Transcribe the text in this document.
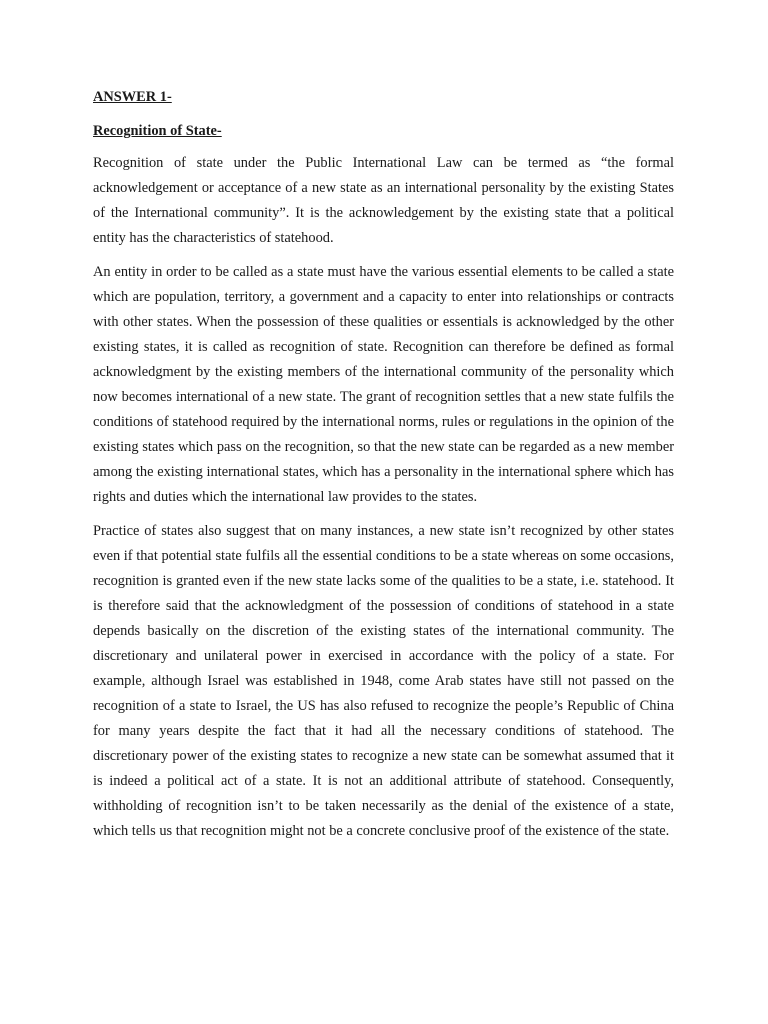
ANSWER 1-

Recognition of State-

Recognition of state under the Public International Law can be termed as “the formal acknowledgement or acceptance of a new state as an international personality by the existing States of the International community”. It is the acknowledgement by the existing state that a political entity has the characteristics of statehood.

An entity in order to be called as a state must have the various essential elements to be called a state which are population, territory, a government and a capacity to enter into relationships or contracts with other states. When the possession of these qualities or essentials is acknowledged by the other existing states, it is called as recognition of state. Recognition can therefore be defined as formal acknowledgment by the existing members of the international community of the personality which now becomes international of a new state. The grant of recognition settles that a new state fulfils the conditions of statehood required by the international norms, rules or regulations in the opinion of the existing states which pass on the recognition, so that the new state can be regarded as a new member among the existing international states, which has a personality in the international sphere which has rights and duties which the international law provides to the states.

Practice of states also suggest that on many instances, a new state isn’t recognized by other states even if that potential state fulfils all the essential conditions to be a state whereas on some occasions, recognition is granted even if the new state lacks some of the qualities to be a state, i.e. statehood. It is therefore said that the acknowledgment of the possession of conditions of statehood in a state depends basically on the discretion of the existing states of the international community. The discretionary and unilateral power in exercised in accordance with the policy of a state. For example, although Israel was established in 1948, come Arab states have still not passed on the recognition of a state to Israel, the US has also refused to recognize the people’s Republic of China for many years despite the fact that it had all the necessary conditions of statehood. The discretionary power of the existing states to recognize a new state can be somewhat assumed that it is indeed a political act of a state. It is not an additional attribute of statehood. Consequently, withholding of recognition isn’t to be taken necessarily as the denial of the existence of a state, which tells us that recognition might not be a concrete conclusive proof of the existence of the state.
